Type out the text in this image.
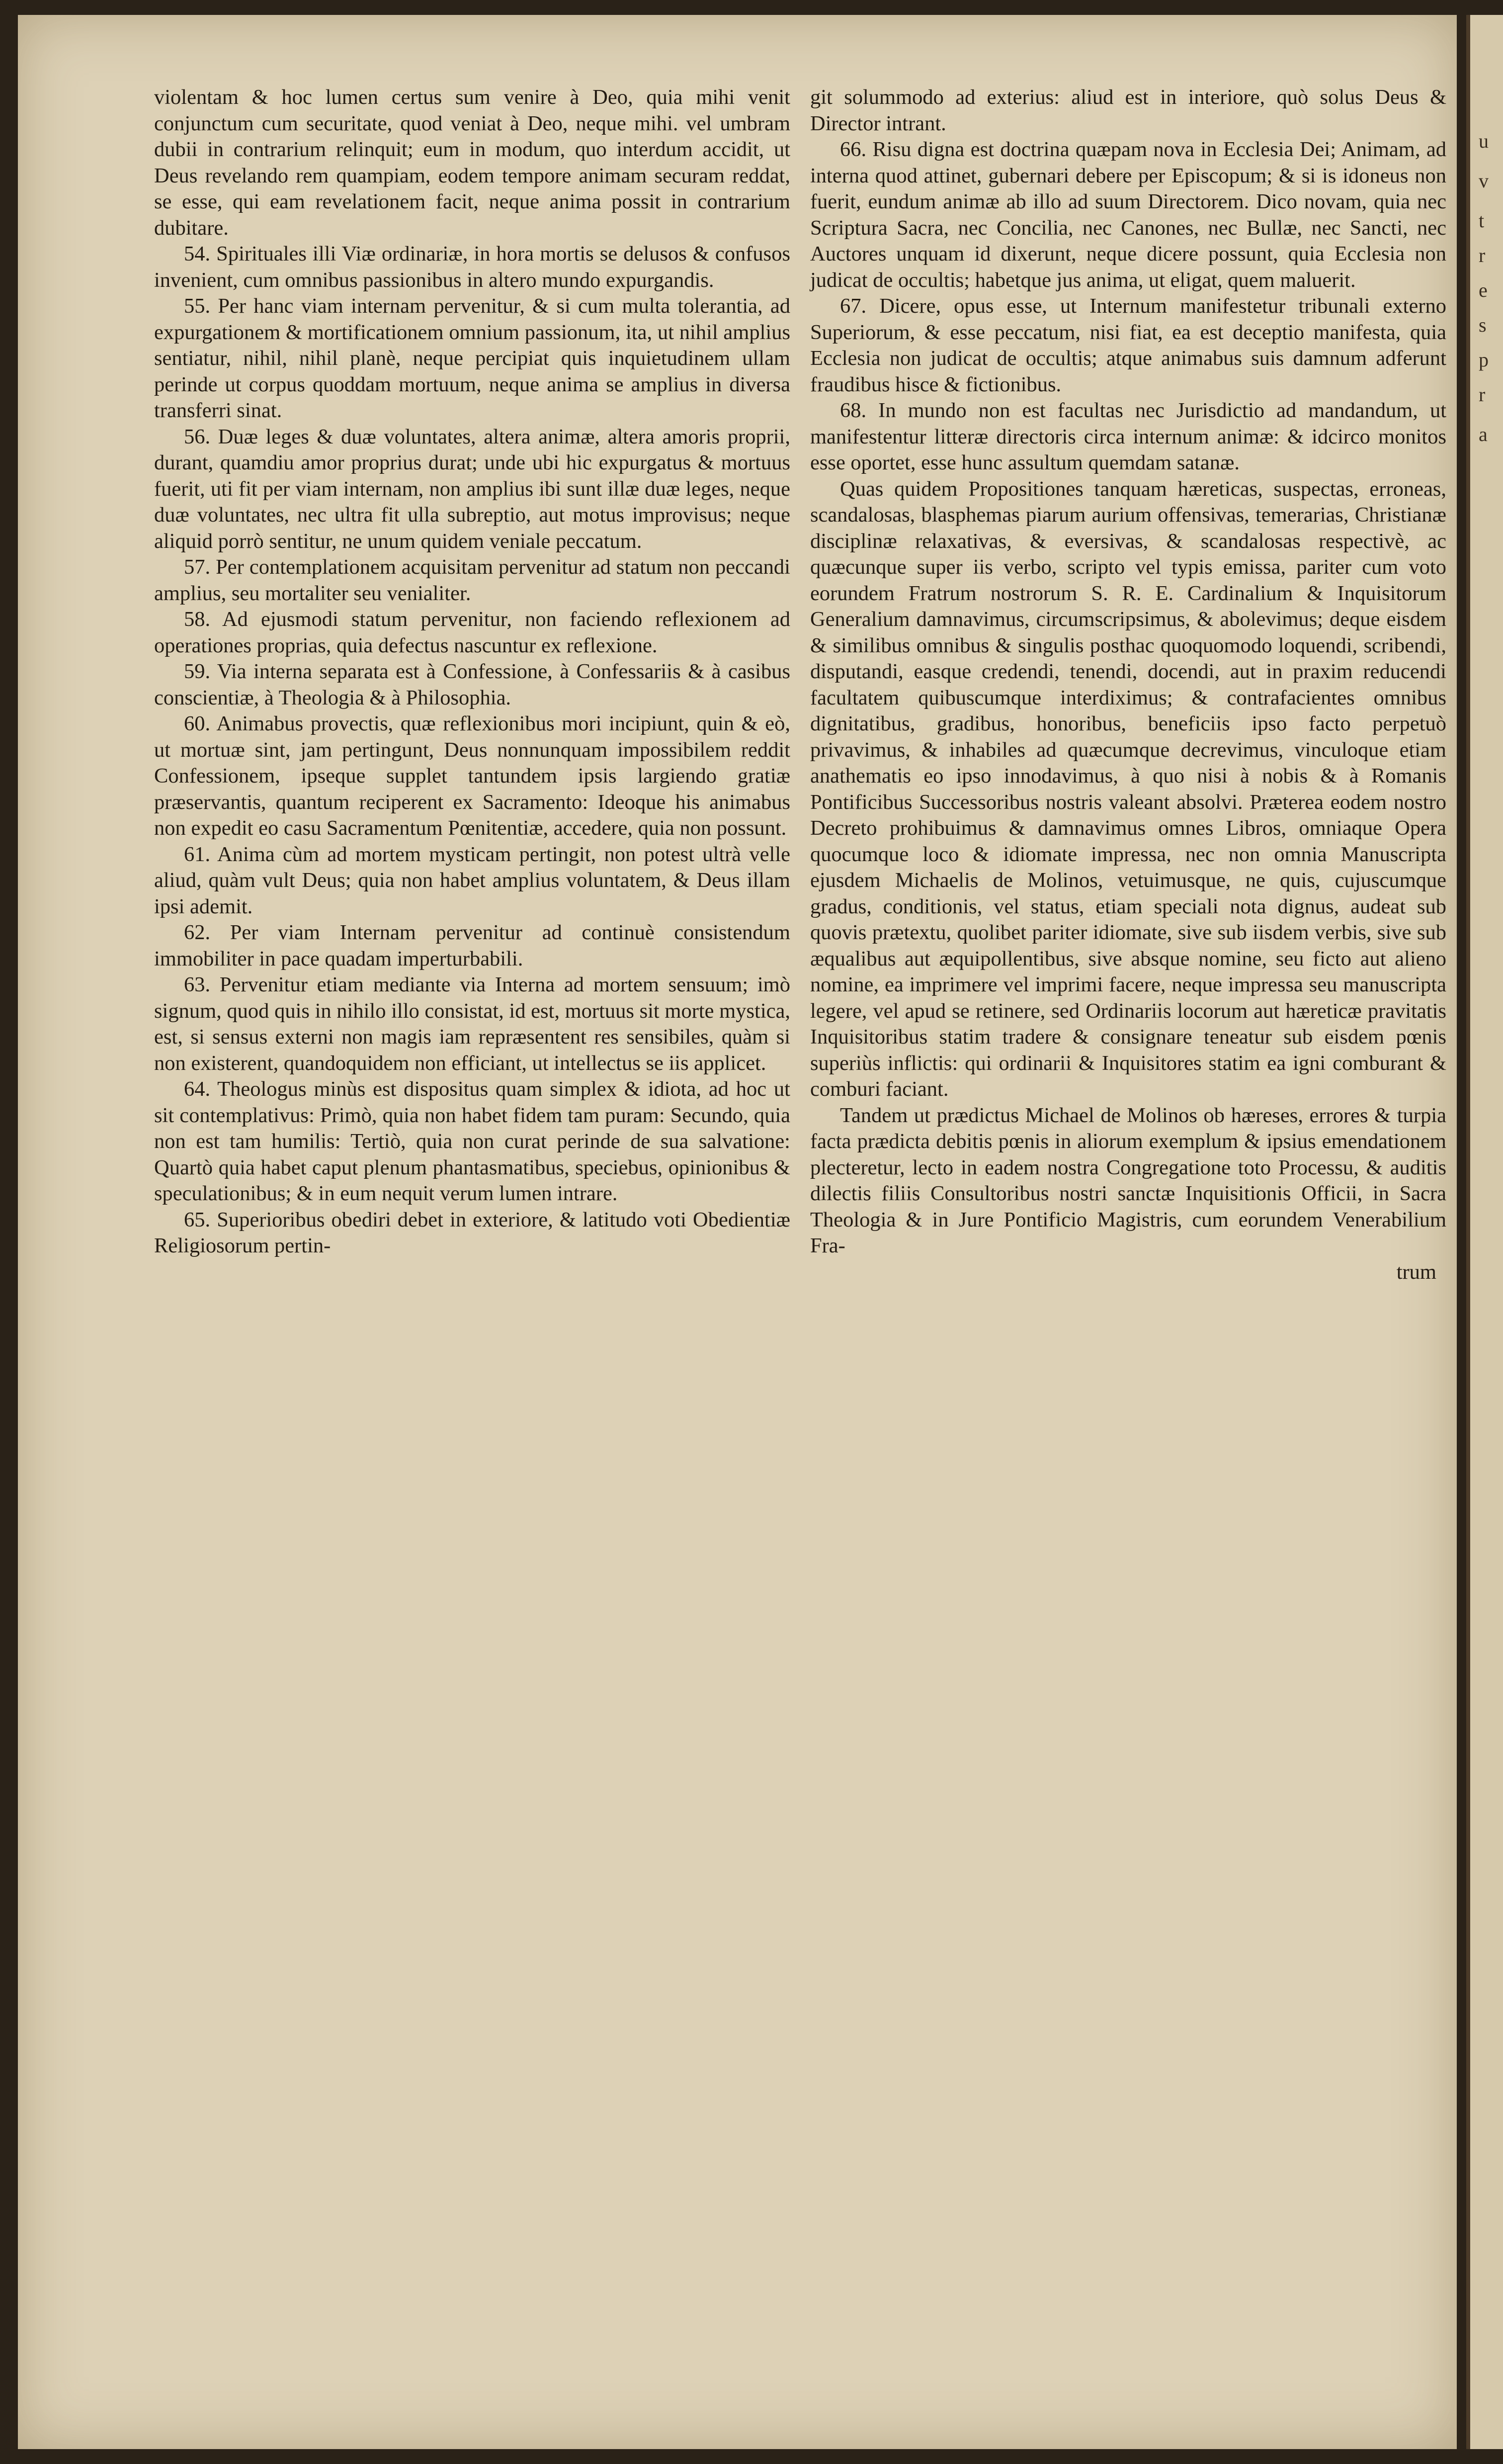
violentam & hoc lumen certus sum venire à Deo, quia mihi venit conjunctum cum securitate, quod veniat à Deo, neque mihi. vel umbram dubii in contrarium relinquit; eum in modum, quo interdum accidit, ut Deus revelando rem quampiam, eodem tempore animam securam reddat, se esse, qui eam revelationem facit, neque anima possit in contrarium dubitare.

54. Spirituales illi Viæ ordinariæ, in hora mortis se delusos & confusos invenient, cum omnibus passionibus in altero mundo expurgandis.

55. Per hanc viam internam pervenitur, & si cum multa tolerantia, ad expurgationem & mortificationem omnium passionum, ita, ut nihil amplius sentiatur, nihil, nihil planè, neque percipiat quis inquietudinem ullam perinde ut corpus quoddam mortuum, neque anima se amplius in diversa transferri sinat.

56. Duæ leges & duæ voluntates, altera animæ, altera amoris proprii, durant, quamdiu amor proprius durat; unde ubi hic expurgatus & mortuus fuerit, uti fit per viam internam, non amplius ibi sunt illæ duæ leges, neque duæ voluntates, nec ultra fit ulla subreptio, aut motus improvisus; neque aliquid porrò sentitur, ne unum quidem veniale peccatum.

57. Per contemplationem acquisitam pervenitur ad statum non peccandi amplius, seu mortaliter seu venialiter.

58. Ad ejusmodi statum pervenitur, non faciendo reflexionem ad operationes proprias, quia defectus nascuntur ex reflexione.

59. Via interna separata est à Confessione, à Confessariis & à casibus conscientiæ, à Theologia & à Philosophia.

60. Animabus provectis, quæ reflexionibus mori incipiunt, quin & eò, ut mortuæ sint, jam pertingunt, Deus nonnunquam impossibilem reddit Confessionem, ipseque supplet tantundem ipsis largiendo gratiæ præservantis, quantum reciperent ex Sacramento: Ideoque his animabus non expedit eo casu Sacramentum Pœnitentiæ, accedere, quia non possunt.

61. Anima cùm ad mortem mysticam pertingit, non potest ultrà velle aliud, quàm vult Deus; quia non habet amplius voluntatem, & Deus illam ipsi ademit.

62. Per viam Internam pervenitur ad continuè consistendum immobiliter in pace quadam imperturbabili.

63. Pervenitur etiam mediante via Interna ad mortem sensuum; imò signum, quod quis in nihilo illo consistat, id est, mortuus sit morte mystica, est, si sensus externi non magis iam repræsentent res sensibiles, quàm si non existerent, quandoquidem non efficiant, ut intellectus se iis applicet.

64. Theologus minùs est dispositus quam simplex & idiota, ad hoc ut sit contemplativus: Primò, quia non habet fidem tam puram: Secundo, quia non est tam humilis: Tertiò, quia non curat perinde de sua salvatione: Quartò quia habet caput plenum phantasmatibus, speciebus, opinionibus & speculationibus; & in eum nequit verum lumen intrare.

65. Superioribus obediri debet in exteriore, & latitudo voti Obedientiæ Religiosorum pertin-

git solummodo ad exterius: aliud est in interiore, quò solus Deus & Director intrant.

66. Risu digna est doctrina quæpam nova in Ecclesia Dei; Animam, ad interna quod attinet, gubernari debere per Episcopum; & si is idoneus non fuerit, eundum animæ ab illo ad suum Directorem. Dico novam, quia nec Scriptura Sacra, nec Concilia, nec Canones, nec Bullæ, nec Sancti, nec Auctores unquam id dixerunt, neque dicere possunt, quia Ecclesia non judicat de occultis; habetque jus anima, ut eligat, quem maluerit.

67. Dicere, opus esse, ut Internum manifestetur tribunali externo Superiorum, & esse peccatum, nisi fiat, ea est deceptio manifesta, quia Ecclesia non judicat de occultis; atque animabus suis damnum adferunt fraudibus hisce & fictionibus.

68. In mundo non est facultas nec Jurisdictio ad mandandum, ut manifestentur litteræ directoris circa internum animæ: & idcirco monitos esse oportet, esse hunc assultum quemdam satanæ.

Quas quidem Propositiones tanquam hæreticas, suspectas, erroneas, scandalosas, blasphemas piarum aurium offensivas, temerarias, Christianæ disciplinæ relaxativas, & eversivas, & scandalosas respectivè, ac quæcunque super iis verbo, scripto vel typis emissa, pariter cum voto eorundem Fratrum nostrorum S. R. E. Cardinalium & Inquisitorum Generalium damnavimus, circumscripsimus, & abolevimus; deque eisdem & similibus omnibus & singulis posthac quoquomodo loquendi, scribendi, disputandi, easque credendi, tenendi, docendi, aut in praxim reducendi facultatem quibuscumque interdiximus; & contrafacientes omnibus dignitatibus, gradibus, honoribus, beneficiis ipso facto perpetuò privavimus, & inhabiles ad quæcumque decrevimus, vinculoque etiam anathematis eo ipso innodavimus, à quo nisi à nobis & à Romanis Pontificibus Successoribus nostris valeant absolvi. Præterea eodem nostro Decreto prohibuimus & damnavimus omnes Libros, omniaque Opera quocumque loco & idiomate impressa, nec non omnia Manuscripta ejusdem Michaelis de Molinos, vetuimusque, ne quis, cujuscumque gradus, conditionis, vel status, etiam speciali nota dignus, audeat sub quovis prætextu, quolibet pariter idiomate, sive sub iisdem verbis, sive sub æqualibus aut æquipollentibus, sive absque nomine, seu ficto aut alieno nomine, ea imprimere vel imprimi facere, neque impressa seu manuscripta legere, vel apud se retinere, sed Ordinariis locorum aut hæreticæ pravitatis Inquisitoribus statim tradere & consignare teneatur sub eisdem pœnis superiùs inflictis: qui ordinarii & Inquisitores statim ea igni comburant & comburi faciant.

Tandem ut prædictus Michael de Molinos ob hæreses, errores & turpia facta prædicta debitis pœnis in aliorum exemplum & ipsius emendationem plecteretur, lecto in eadem nostra Congregatione toto Processu, & auditis dilectis filiis Consultoribus nostri sanctæ Inquisitionis Officii, in Sacra Theologia & in Jure Pontificio Magistris, cum eorundem Venerabilium Fra-

trum

u
v
t
r
e
s
p
r
a
